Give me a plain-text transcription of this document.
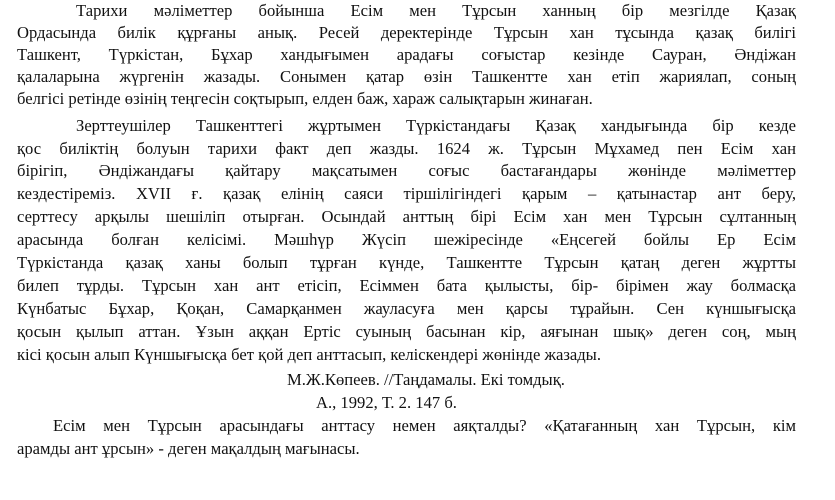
Тарихи мәліметтер бойынша Есім мен Тұрсын ханның бір мезгілде Қазақ
Ордасында билік құрғаны анық. Ресей деректерінде Тұрсын хан тұсында қазақ билігі
Ташкент, Түркістан, Бұхар хандығымен арадағы соғыстар кезінде Сауран, Әндіжан
қалаларына жүргенін жазады. Сонымен қатар өзін Ташкентте хан етіп жариялап, соның
белгісі ретінде өзінің теңгесін соқтырып, елден баж, хараж салықтарын жинаған.
Зерттеушілер Ташкенттегі жұртымен Түркістандағы Қазақ хандығында бір кезде
қос биліктің болуын тарихи факт деп жазды. 1624 ж. Тұрсын Мұхамед пен Есім хан
бірігіп, Әндіжандағы қайтару мақсатымен соғыс бастағандары жөнінде мәліметтер
кездестіреміз. XVII ғ. қазақ елінің саяси тіршілігіндегі қарым – қатынастар ант беру,
серттесу арқылы шешіліп отырған. Осындай анттың бірі Есім хан мен Тұрсын сұлтанның
арасында болған келісімі. Мәшһүр Жүсіп шежіресінде «Еңсегей бойлы Ер Есім
Түркістанда қазақ ханы болып тұрған күнде, Ташкентте Тұрсын қатаң деген жұртты
билеп тұрды. Тұрсын хан ант етісіп, Есіммен бата қылысты, бір- бірімен жау болмасқа
Күнбатыс Бұхар, Қоқан, Самарқанмен жауласуға мен қарсы тұрайын. Сен күншығысқа
қосын қылып аттан. Ұзын аққан Ертіс суының басынан кір, аяғынан шық» деген соң, мың
кісі қосын алып Күншығысқа бет қой деп анттасып, келіскендері жөнінде жазады.
М.Ж.Көпеев. //Таңдамалы. Екі томдық.
А., 1992, Т. 2. 147 б.
Есім мен Тұрсын арасындағы анттасу немен аяқталды? «Қатағанның хан Тұрсын, кім
арамды ант ұрсын» - деген мақалдың мағынасы.
